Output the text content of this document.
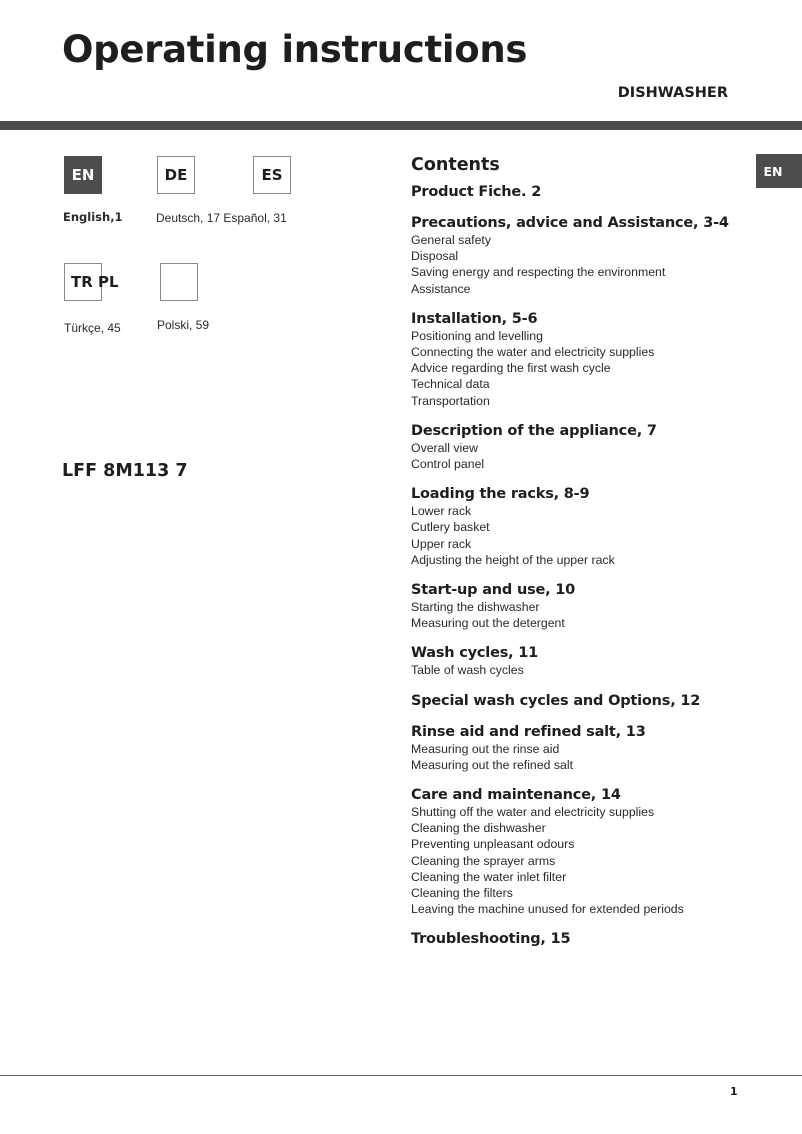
Operating instructions
DISHWASHER
EN	DE	ES
TR PL
English,1	Deutsch, 17 Español, 31
Türkçe, 45	Polski, 59
LFF 8M113 7
EN
Contents
Product Fiche. 2
Precautions, advice and Assistance, 3-4
General safety
Disposal
Saving energy and respecting the environment
Assistance
Installation, 5-6
Positioning and levelling
Connecting the water and electricity supplies
Advice regarding the first wash cycle
Technical data
Transportation
Description of the appliance, 7
Overall view
Control panel
Loading the racks, 8-9
Lower rack
Cutlery basket
Upper rack
Adjusting the height of the upper rack
Start-up and use, 10
Starting the dishwasher
Measuring out the detergent
Wash cycles, 11
Table of wash cycles
Special wash cycles and Options, 12
Rinse aid and refined salt, 13
Measuring out the rinse aid
Measuring out the refined salt
Care and maintenance, 14
Shutting off the water and electricity supplies
Cleaning the dishwasher
Preventing unpleasant odours
Cleaning the sprayer arms
Cleaning the water inlet filter
Cleaning the filters
Leaving the machine unused for extended periods
Troubleshooting, 15
1
